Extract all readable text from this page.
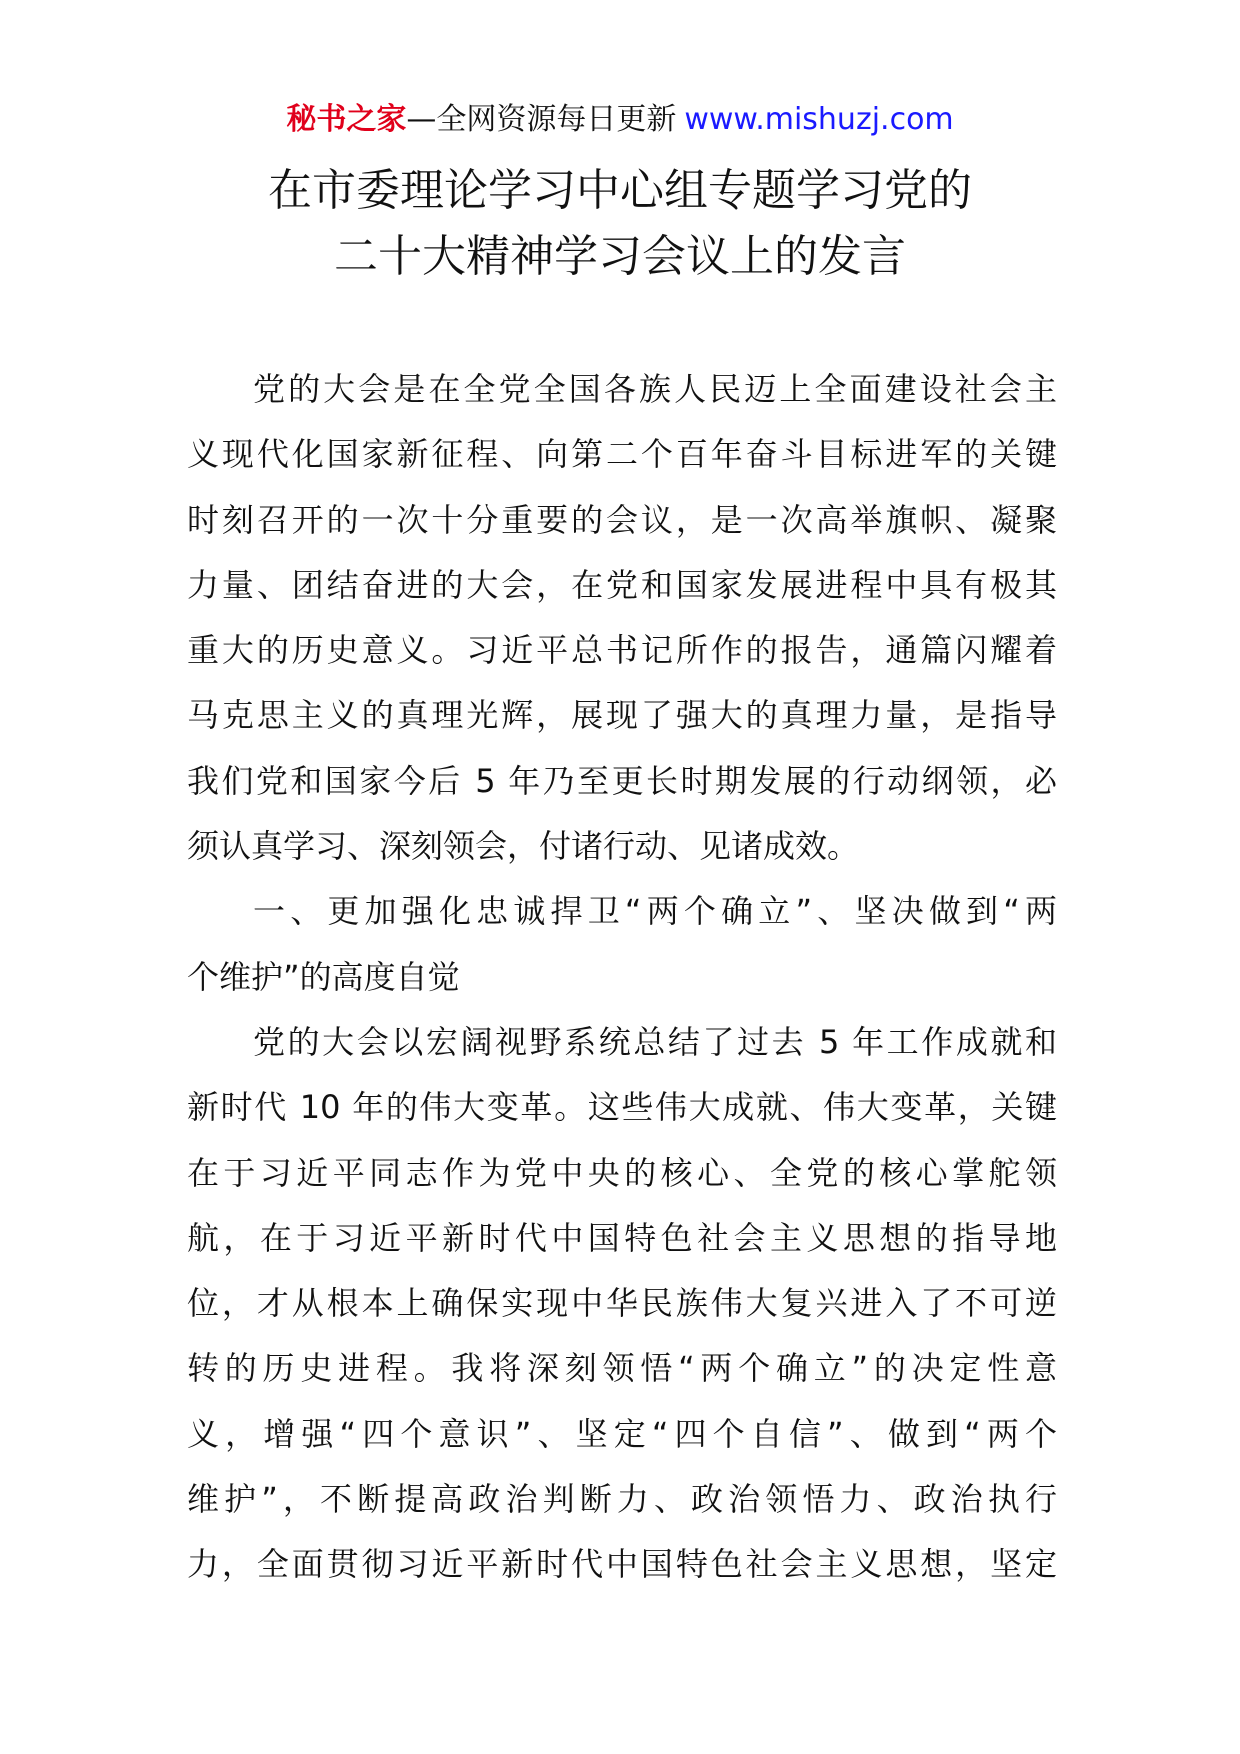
秘书之家—全网资源每日更新 www.mishuzj.com
在市委理论学习中心组专题学习党的
二十大精神学习会议上的发言
党的大会是在全党全国各族人民迈上全面建设社会主
义现代化国家新征程、向第二个百年奋斗目标进军的关键
时刻召开的一次十分重要的会议，是一次高举旗帜、凝聚
力量、团结奋进的大会，在党和国家发展进程中具有极其
重大的历史意义。习近平总书记所作的报告，通篇闪耀着
马克思主义的真理光辉，展现了强大的真理力量，是指导
我们党和国家今后 5 年乃至更长时期发展的行动纲领，必
须认真学习、深刻领会，付诸行动、见诸成效。
一、更加强化忠诚捍卫“两个确立”、坚决做到“两
个维护”的高度自觉
党的大会以宏阔视野系统总结了过去 5 年工作成就和
新时代 10 年的伟大变革。这些伟大成就、伟大变革，关键
在于习近平同志作为党中央的核心、全党的核心掌舵领
航，在于习近平新时代中国特色社会主义思想的指导地
位，才从根本上确保实现中华民族伟大复兴进入了不可逆
转的历史进程。我将深刻领悟“两个确立”的决定性意
义，增强“四个意识”、坚定“四个自信”、做到“两个
维护”，不断提高政治判断力、政治领悟力、政治执行
力，全面贯彻习近平新时代中国特色社会主义思想，坚定
